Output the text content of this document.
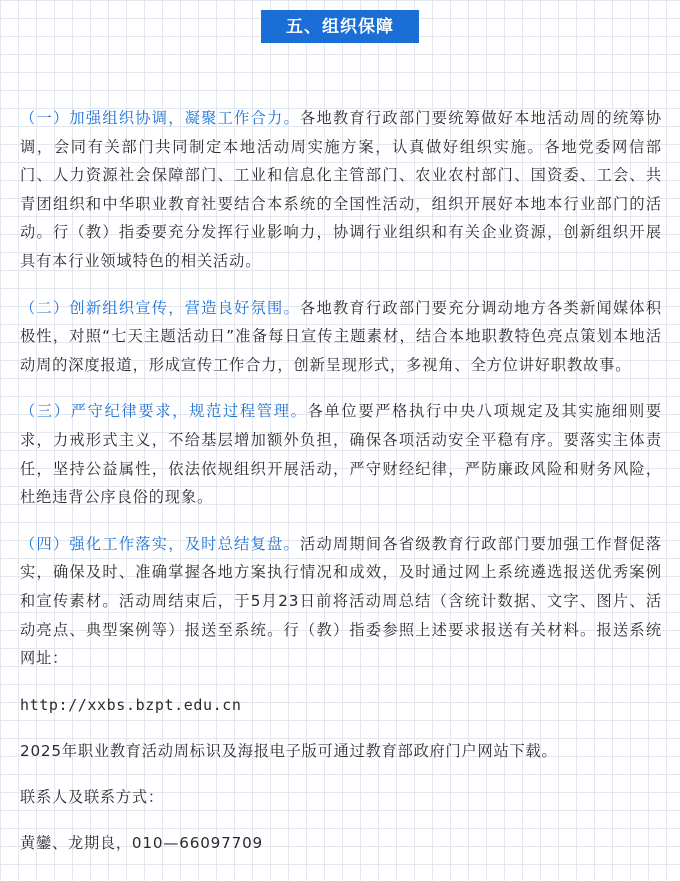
五、组织保障

（一）加强组织协调，凝聚工作合力。各地教育行政部门要统筹做好本地活动周的统筹协调，会同有关部门共同制定本地活动周实施方案，认真做好组织实施。各地党委网信部门、人力资源社会保障部门、工业和信息化主管部门、农业农村部门、国资委、工会、共青团组织和中华职业教育社要结合本系统的全国性活动，组织开展好本地本行业部门的活动。行（教）指委要充分发挥行业影响力，协调行业组织和有关企业资源，创新组织开展具有本行业领域特色的相关活动。

（二）创新组织宣传，营造良好氛围。各地教育行政部门要充分调动地方各类新闻媒体积极性，对照“七天主题活动日”准备每日宣传主题素材，结合本地职教特色亮点策划本地活动周的深度报道，形成宣传工作合力，创新呈现形式，多视角、全方位讲好职教故事。

（三）严守纪律要求，规范过程管理。各单位要严格执行中央八项规定及其实施细则要求，力戒形式主义，不给基层增加额外负担，确保各项活动安全平稳有序。要落实主体责任，坚持公益属性，依法依规组织开展活动，严守财经纪律，严防廉政风险和财务风险，杜绝违背公序良俗的现象。

（四）强化工作落实，及时总结复盘。活动周期间各省级教育行政部门要加强工作督促落实，确保及时、准确掌握各地方案执行情况和成效，及时通过网上系统遴选报送优秀案例和宣传素材。活动周结束后，于5月23日前将活动周总结（含统计数据、文字、图片、活动亮点、典型案例等）报送至系统。行（教）指委参照上述要求报送有关材料。报送系统网址：

http://xxbs.bzpt.edu.cn

2025年职业教育活动周标识及海报电子版可通过教育部政府门户网站下载。

联系人及联系方式：

黄鑾、龙期良，010—66097709
